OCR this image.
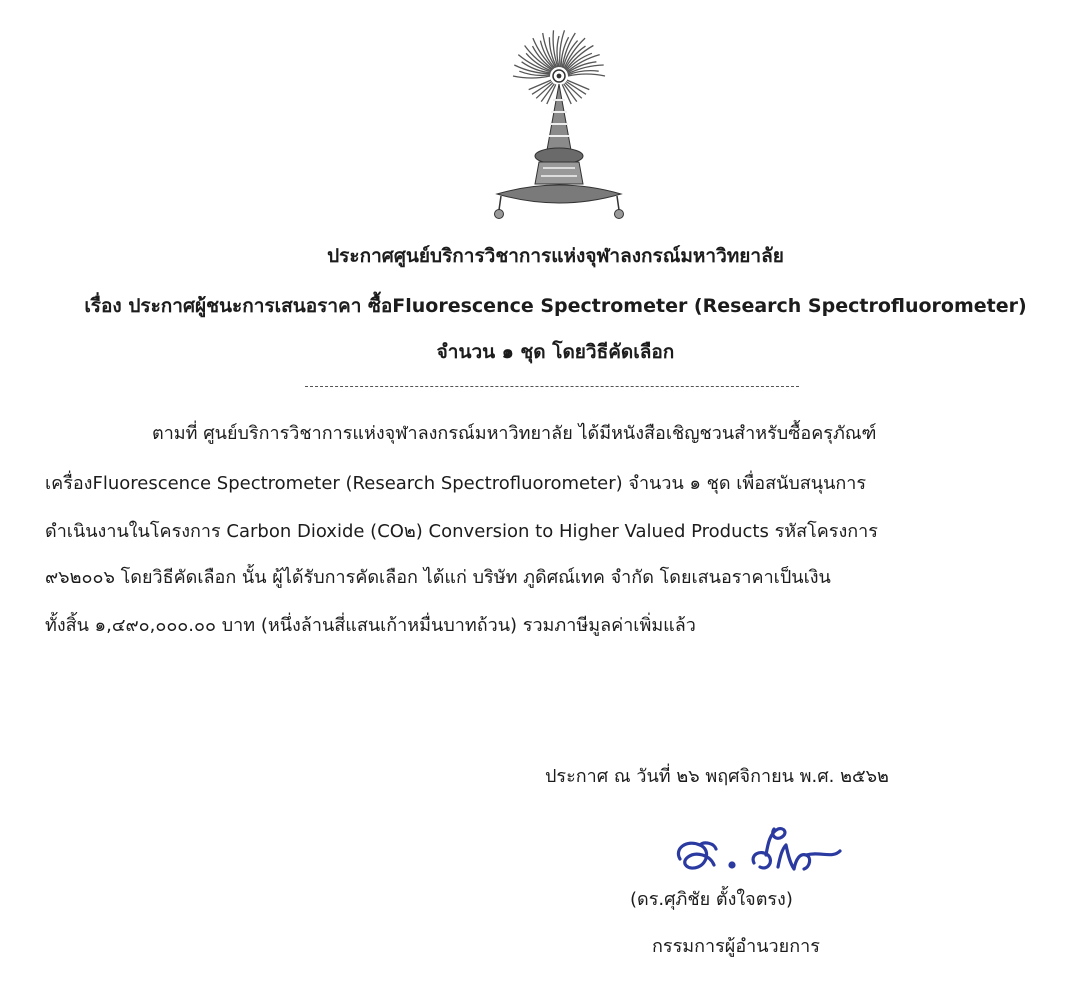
ประกาศศูนย์บริการวิชาการแห่งจุฬาลงกรณ์มหาวิทยาลัย
เรื่อง ประกาศผู้ชนะการเสนอราคา ซื้อFluorescence Spectrometer (Research Spectrofluorometer)
จำนวน ๑ ชุด โดยวิธีคัดเลือก
ตามที่ ศูนย์บริการวิชาการแห่งจุฬาลงกรณ์มหาวิทยาลัย ได้มีหนังสือเชิญชวนสำหรับซื้อครุภัณฑ์
เครื่องFluorescence Spectrometer (Research Spectrofluorometer) จำนวน ๑ ชุด เพื่อสนับสนุนการ
ดำเนินงานในโครงการ Carbon Dioxide (CO๒) Conversion to Higher Valued Products รหัสโครงการ
๙๖๒๐๐๖ โดยวิธีคัดเลือก นั้น ผู้ได้รับการคัดเลือก ได้แก่ บริษัท ภูดิศณ์เทค จำกัด โดยเสนอราคาเป็นเงิน
ทั้งสิ้น ๑,๔๙๐,๐๐๐.๐๐ บาท (หนึ่งล้านสี่แสนเก้าหมื่นบาทถ้วน) รวมภาษีมูลค่าเพิ่มแล้ว
ประกาศ ณ วันที่ ๒๖ พฤศจิกายน พ.ศ. ๒๕๖๒
(ดร.ศุภิชัย ตั้งใจตรง)
กรรมการผู้อำนวยการ
